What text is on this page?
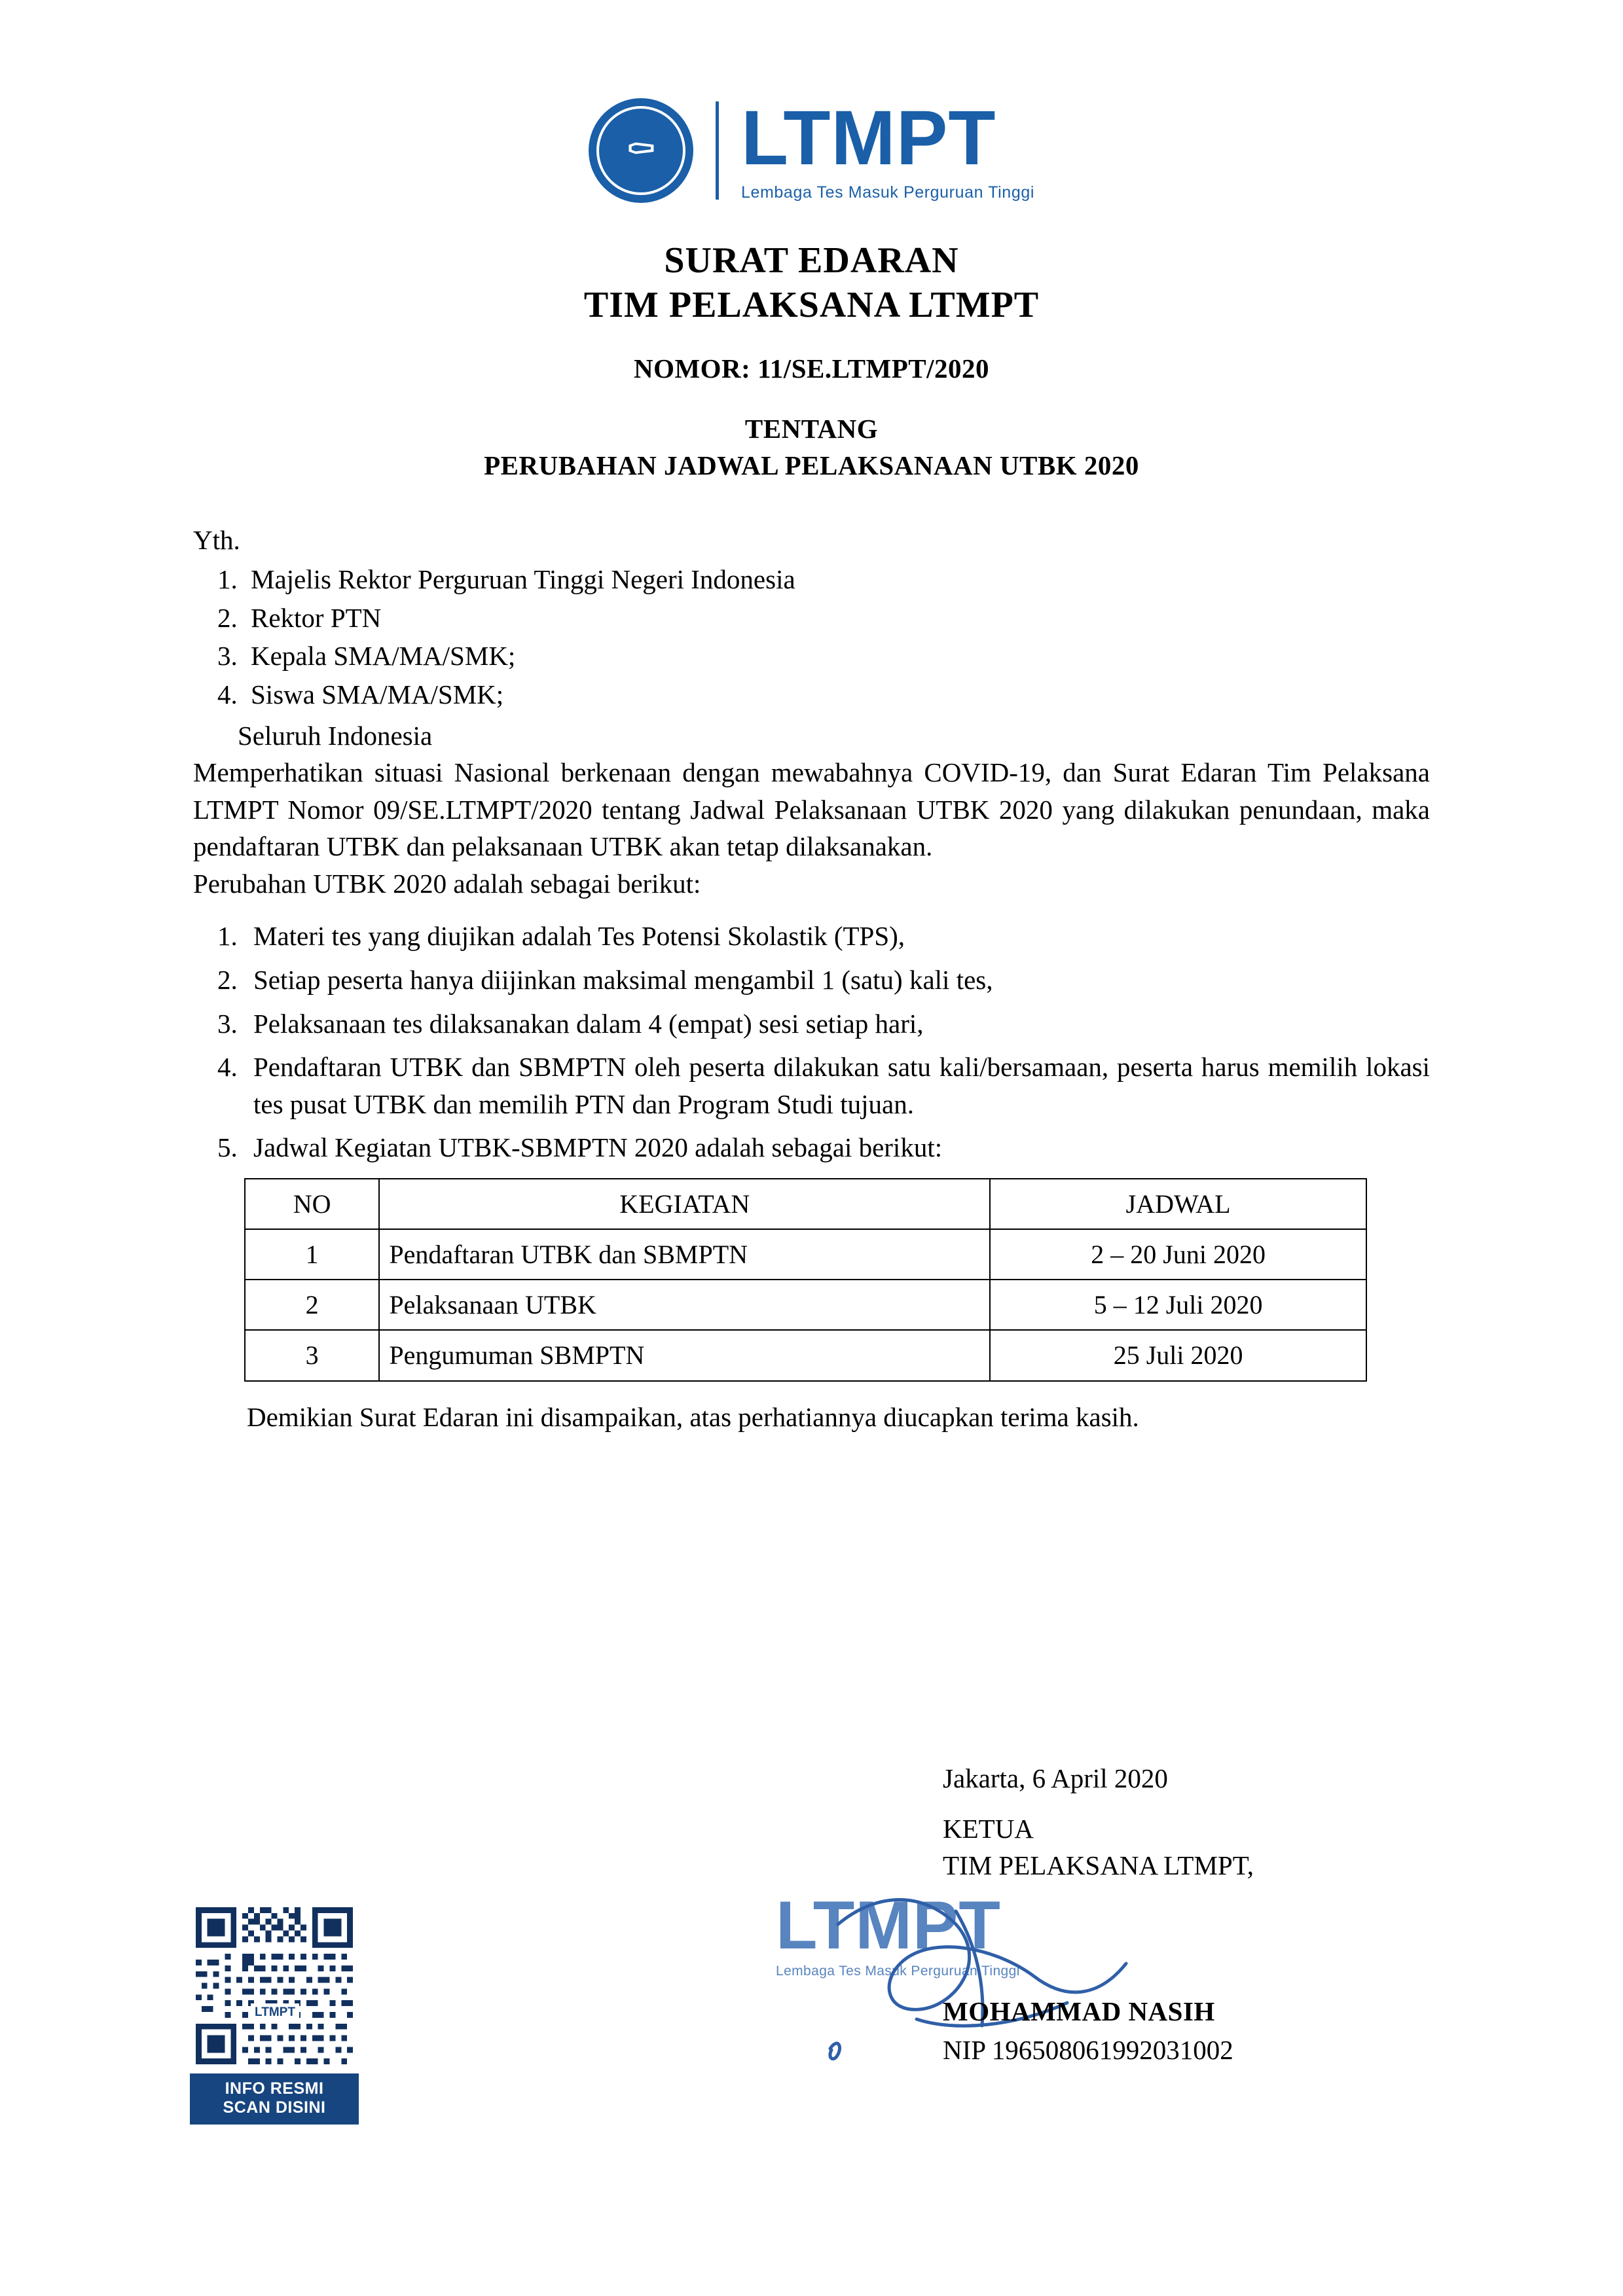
⚰	LTMPT
Lembaga Tes Masuk Perguruan Tinggi
SURAT EDARAN
TIM PELAKSANA LTMPT
NOMOR: 11/SE.LTMPT/2020
TENTANG
PERUBAHAN JADWAL PELAKSANAAN UTBK 2020
Yth.
1. Majelis Rektor Perguruan Tinggi Negeri Indonesia
2. Rektor PTN
3. Kepala SMA/MA/SMK;
4. Siswa SMA/MA/SMK;
Seluruh Indonesia

Memperhatikan situasi Nasional berkenaan dengan mewabahnya COVID-19, dan Surat Edaran Tim Pelaksana LTMPT Nomor 09/SE.LTMPT/2020 tentang Jadwal Pelaksanaan UTBK 2020 yang dilakukan penundaan, maka pendaftaran UTBK dan pelaksanaan UTBK akan tetap dilaksanakan.

Perubahan UTBK 2020 adalah sebagai berikut:

1. Materi tes yang diujikan adalah Tes Potensi Skolastik (TPS),
2. Setiap peserta hanya diijinkan maksimal mengambil 1 (satu) kali tes,
3. Pelaksanaan tes dilaksanakan dalam 4 (empat) sesi setiap hari,
4. Pendaftaran UTBK dan SBMPTN oleh peserta dilakukan satu kali/bersamaan, peserta harus memilih lokasi tes pusat UTBK dan memilih PTN dan Program Studi tujuan.
5. Jadwal Kegiatan UTBK-SBMPTN 2020 adalah sebagai berikut:
NO	KEGIATAN	JADWAL
1	Pendaftaran UTBK dan SBMPTN	2 – 20 Juni 2020
2	Pelaksanaan UTBK	5 – 12 Juli 2020
3	Pengumuman SBMPTN	25 Juli 2020
Demikian Surat Edaran ini disampaikan, atas perhatiannya diucapkan terima kasih.
LTMPT
Lembaga Tes Masuk Perguruan Tinggi
Jakarta, 6 April 2020
KETUA
TIM PELAKSANA LTMPT,
MOHAMMAD NASIH
NIP 196508061992031002
LTMPT
INFO RESMI
SCAN DISINI
